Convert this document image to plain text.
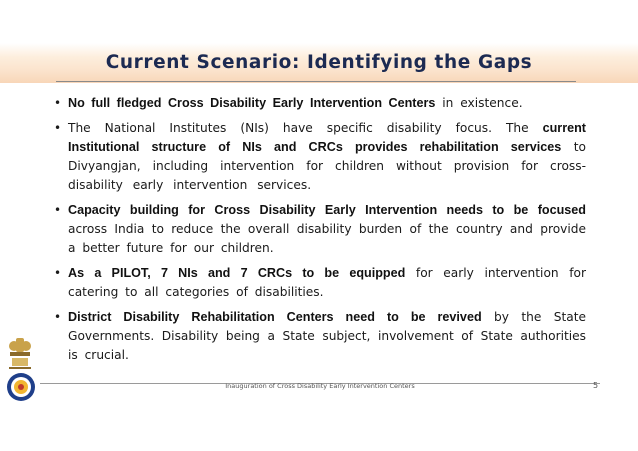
Current Scenario: Identifying the Gaps
• No full fledged Cross Disability Early Intervention Centers in existence.
• The National Institutes (NIs) have specific disability focus. The current Institutional structure of NIs and CRCs provides rehabilitation services to Divyangjan, including intervention for children without provision for cross- disability early intervention services.
• Capacity building for Cross Disability Early Intervention needs to be focused across India to reduce the overall disability burden of the country and provide a better future for our children.
• As a PILOT, 7 NIs and 7 CRCs to be equipped for early intervention for catering to all categories of disabilities.
• District Disability Rehabilitation Centers need to be revived by the State Governments. Disability being a State subject, involvement of State authorities is crucial.
Inauguration of Cross Disability Early Intervention Centers	5
